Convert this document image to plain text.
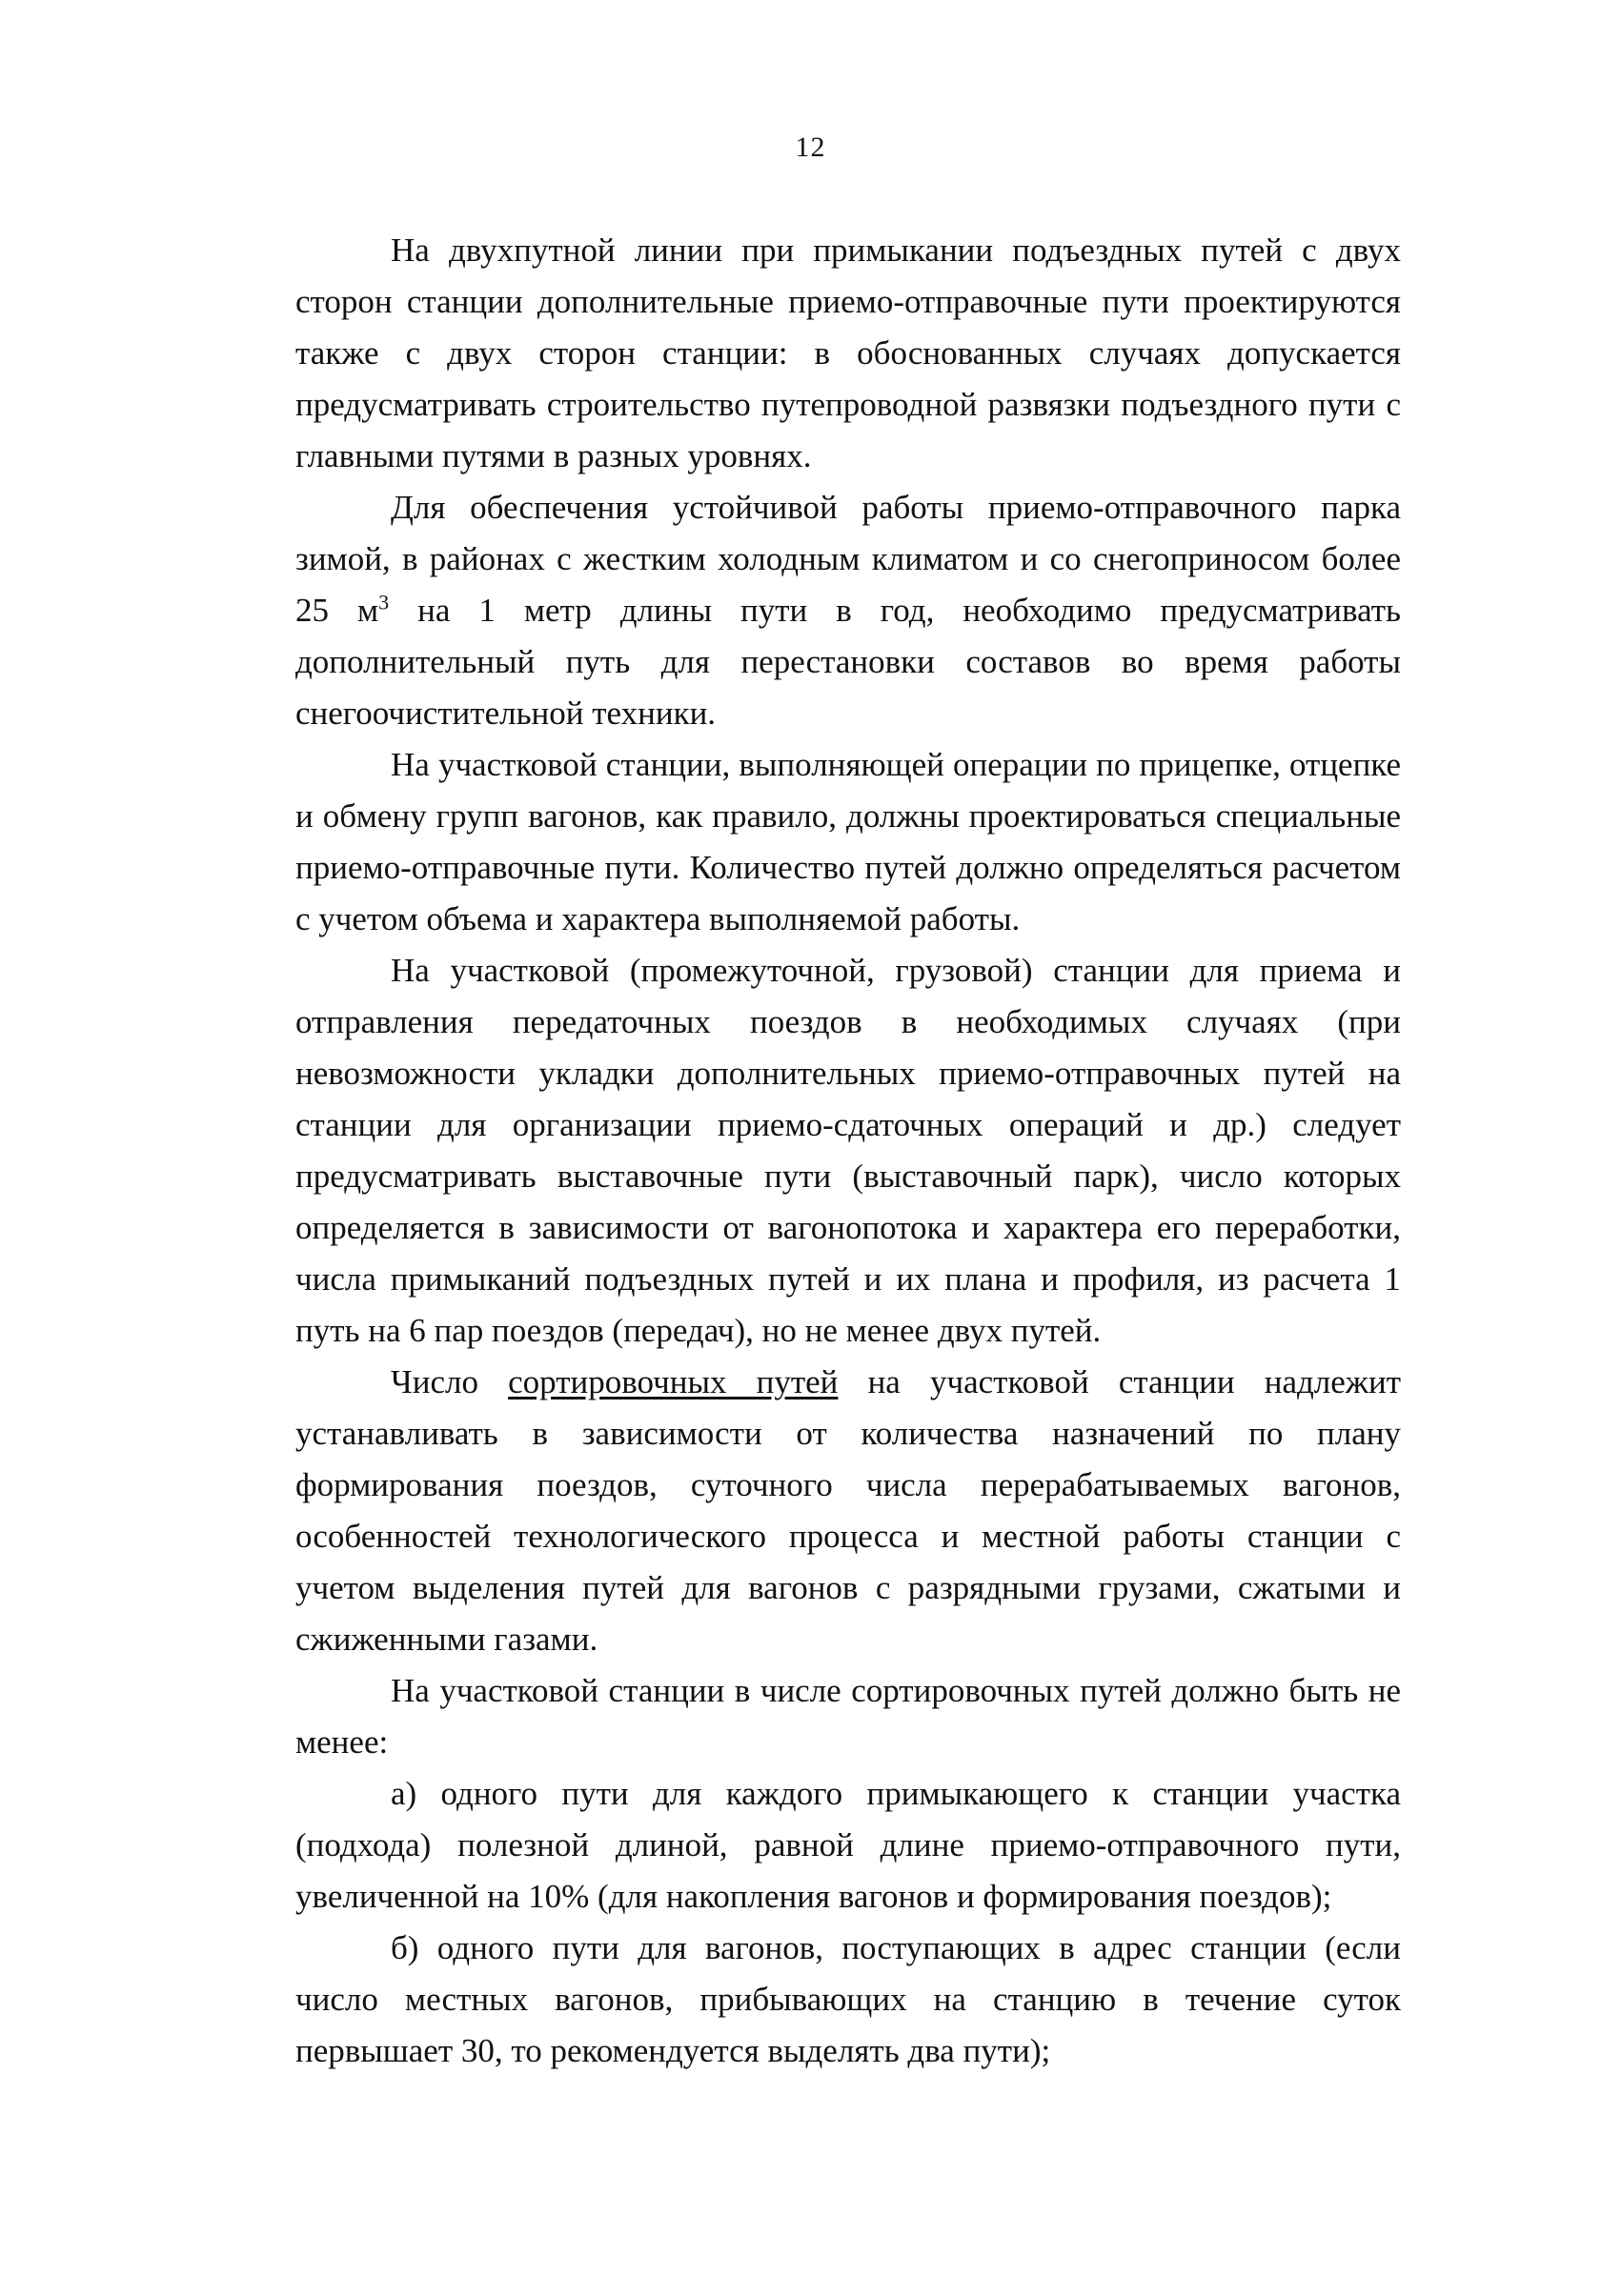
12

На двухпутной линии при примыкании подъездных путей с двух сторон станции дополнительные приемо-отправочные пути проектируются также с двух сторон станции: в обоснованных случаях допускается предусматривать строительство путепроводной развязки подъездного пути с главными путями в разных уровнях.

Для обеспечения устойчивой работы приемо-отправочного парка зимой, в районах с жестким холодным климатом и со снегоприносом более 25 $м^3$ на 1 метр длины пути в год, необходимо предусматривать дополнительный путь для перестановки составов во время работы снегоочистительной техники.

На участковой станции, выполняющей операции по прицепке, отцепке и обмену групп вагонов, как правило, должны проектироваться специальные приемо-отправочные пути. Количество путей должно определяться расчетом с учетом объема и характера выполняемой работы.

На участковой (промежуточной, грузовой) станции для приема и отправления передаточных поездов в необходимых случаях (при невозможности укладки дополнительных приемо-отправочных путей на станции для организации приемо-сдаточных операций и др.) следует предусматривать выставочные пути (выставочный парк), число которых определяется в зависимости от вагонопотока и характера его переработки, числа примыканий подъездных путей и их плана и профиля, из расчета 1 путь на 6 пар поездов (передач), но не менее двух путей.

Число сортировочных путей на участковой станции надлежит устанавливать в зависимости от количества назначений по плану формирования поездов, суточного числа перерабатываемых вагонов, особенностей технологического процесса и местной работы станции с учетом выделения путей для вагонов с разрядными грузами, сжатыми и сжиженными газами.

На участковой станции в числе сортировочных путей должно быть не менее:

а) одного пути для каждого примыкающего к станции участка (подхода) полезной длиной, равной длине приемо-отправочного пути, увеличенной на 10% (для накопления вагонов и формирования поездов);

б) одного пути для вагонов, поступающих в адрес станции (если число местных вагонов, прибывающих на станцию в течение суток первышает 30, то рекомендуется выделять два пути);
